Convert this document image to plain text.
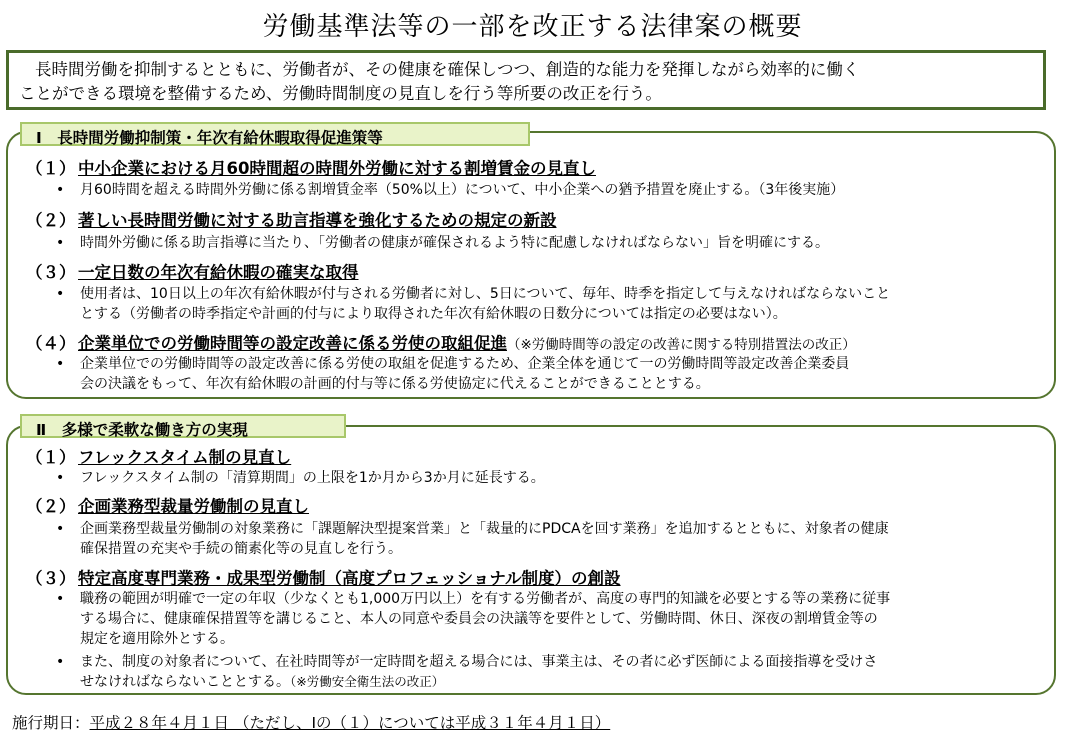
労働基準法等の一部を改正する法律案の概要
長時間労働を抑制するとともに、労働者が、その健康を確保しつつ、創造的な能力を発揮しながら効率的に働く
ことができる環境を整備するため、労働時間制度の見直しを行う等所要の改正を行う。
Ⅰ　長時間労働抑制策・年次有給休暇取得促進策等
（１） 中小企業における月60時間超の時間外労働に対する割増賃金の見直し
• 月60時間を超える時間外労働に係る割増賃金率（50%以上）について、中小企業への猶予措置を廃止する。（3年後実施）
（２） 著しい長時間労働に対する助言指導を強化するための規定の新設
• 時間外労働に係る助言指導に当たり、「労働者の健康が確保されるよう特に配慮しなければならない」旨を明確にする。
（３） 一定日数の年次有給休暇の確実な取得
• 使用者は、10日以上の年次有給休暇が付与される労働者に対し、5日について、毎年、時季を指定して与えなければならないこと
とする（労働者の時季指定や計画的付与により取得された年次有給休暇の日数分については指定の必要はない）。
（４） 企業単位での労働時間等の設定改善に係る労使の取組促進（※労働時間等の設定の改善に関する特別措置法の改正）
• 企業単位での労働時間等の設定改善に係る労使の取組を促進するため、企業全体を通じて一の労働時間等設定改善企業委員
会の決議をもって、年次有給休暇の計画的付与等に係る労使協定に代えることができることとする。
Ⅱ　多様で柔軟な働き方の実現
（１） フレックスタイム制の見直し
• フレックスタイム制の「清算期間」の上限を1か月から3か月に延長する。
（２） 企画業務型裁量労働制の見直し
• 企画業務型裁量労働制の対象業務に「課題解決型提案営業」と「裁量的にPDCAを回す業務」を追加するとともに、対象者の健康
確保措置の充実や手続の簡素化等の見直しを行う。
（３） 特定高度専門業務・成果型労働制（高度プロフェッショナル制度）の創設
• 職務の範囲が明確で一定の年収（少なくとも1,000万円以上）を有する労働者が、高度の専門的知識を必要とする等の業務に従事
する場合に、健康確保措置等を講じること、本人の同意や委員会の決議等を要件として、労働時間、休日、深夜の割増賃金等の
規定を適用除外とする。
• また、制度の対象者について、在社時間等が一定時間を超える場合には、事業主は、その者に必ず医師による面接指導を受けさ
せなければならないこととする。（※労働安全衛生法の改正）
施行期日：平成２８年４月１日 （ただし、Ⅰの（１）については平成３１年４月１日）
